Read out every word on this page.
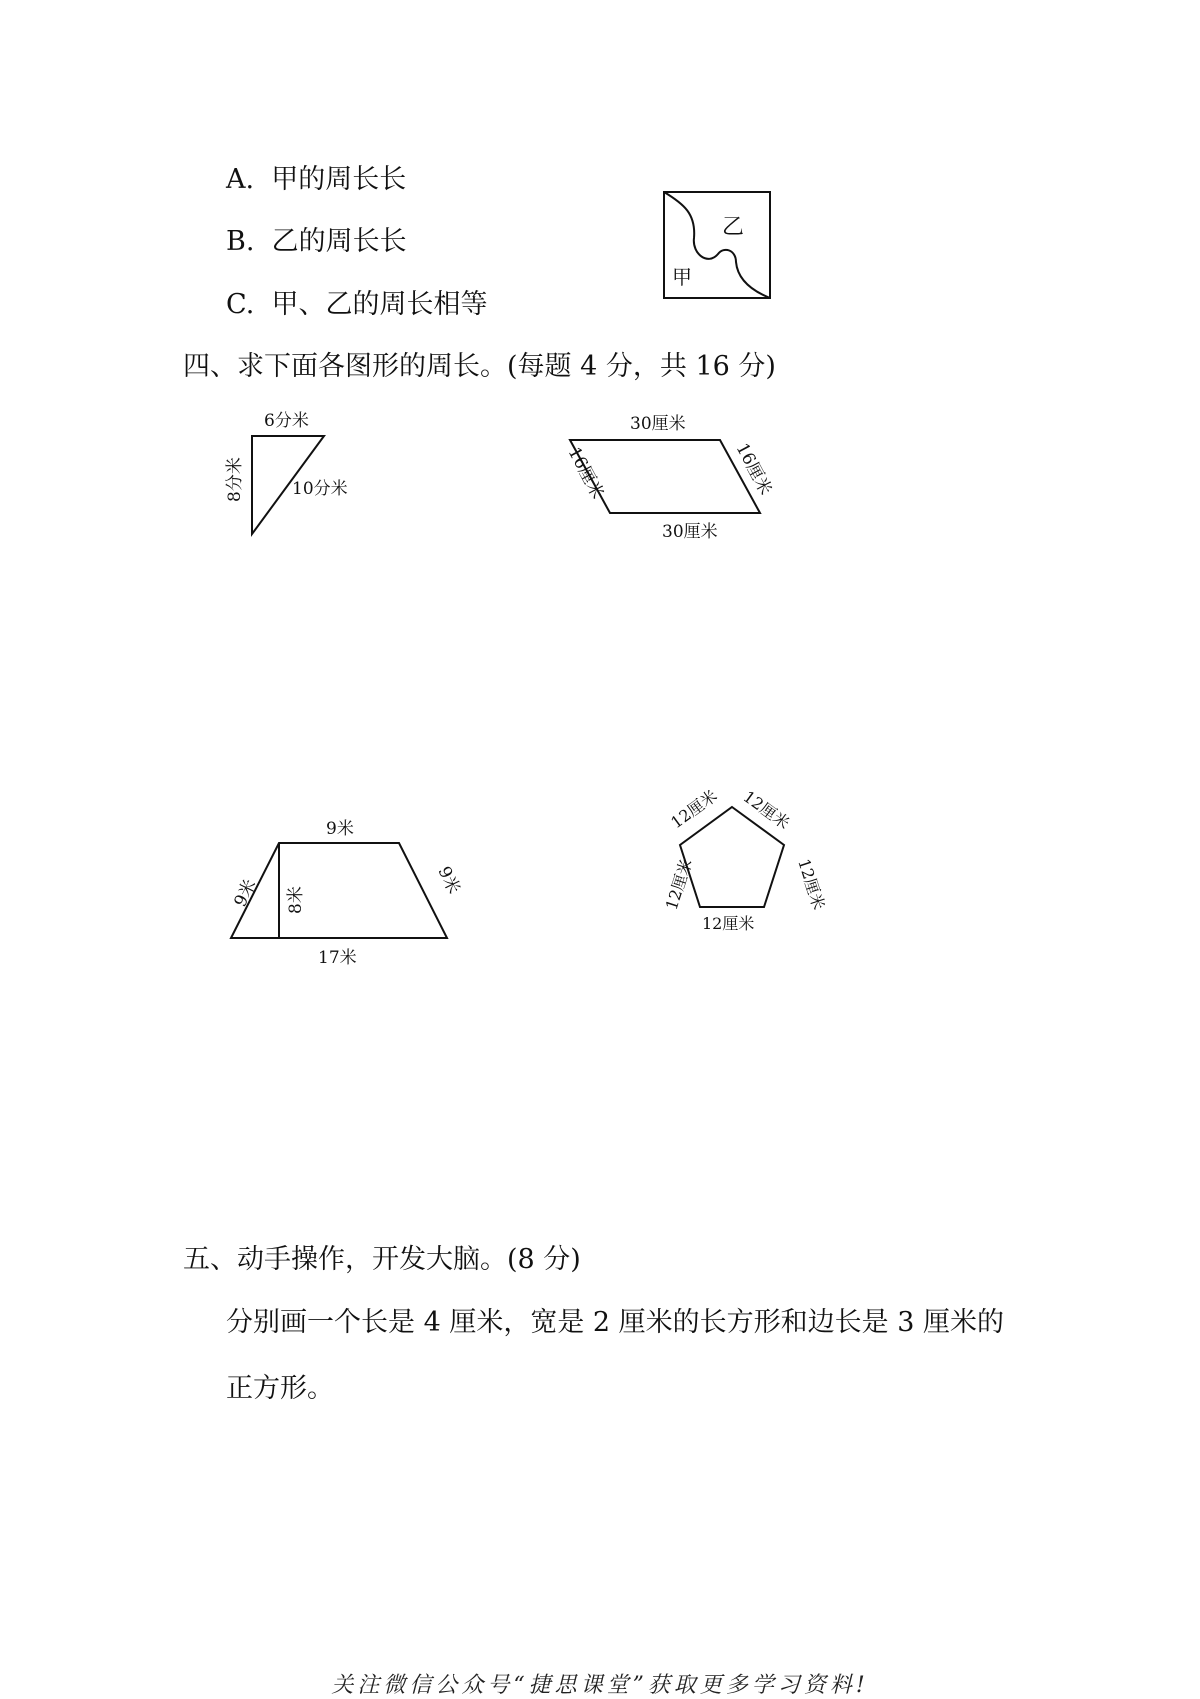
A. 甲的周长长
B. 乙的周长长
C. 甲、乙的周长相等
乙
甲
四、求下面各图形的周长。(每题 4 分，共 16 分)
6分米
8分米	10分米
30厘米
30厘米
16厘米	16厘米
9米
17米
9米	9米
8米
12厘米 12厘米
12厘米
12厘米
12厘米
五、动手操作，开发大脑。(8 分)
分别画一个长是 4 厘米，宽是 2 厘米的长方形和边长是 3 厘米的
正方形。
关注微信公众号“捷思课堂”获取更多学习资料!
